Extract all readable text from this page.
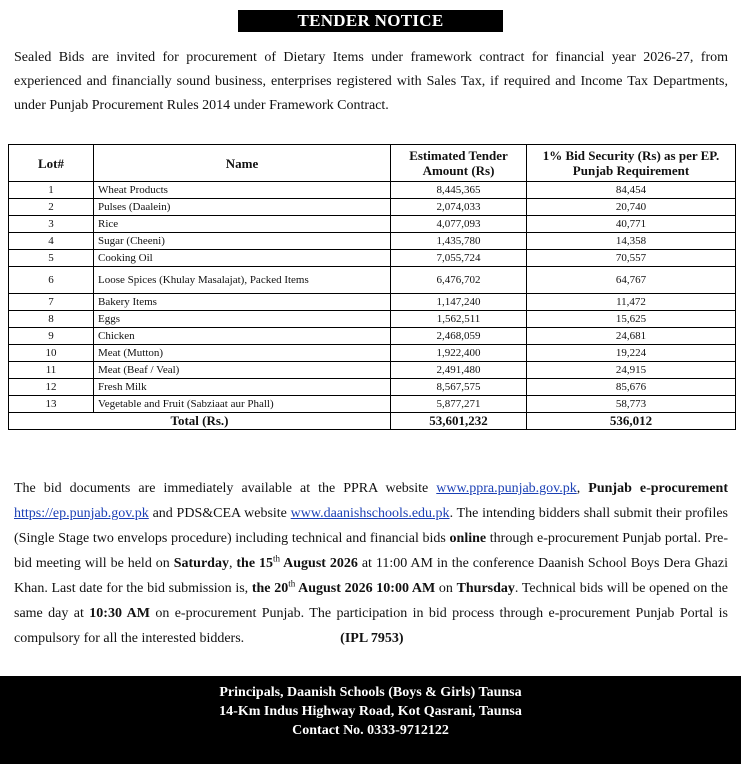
TENDER NOTICE

Sealed Bids are invited for procurement of Dietary Items under framework contract for financial year 2026-27, from experienced and financially sound business, enterprises registered with Sales Tax, if required and Income Tax Departments, under Punjab Procurement Rules 2014 under Framework Contract.

Lot#	Name	Estimated Tender Amount (Rs)	1% Bid Security (Rs) as per EP. Punjab Requirement
1	Wheat Products	8,445,365	84,454
2	Pulses (Daalein)	2,074,033	20,740
3	Rice	4,077,093	40,771
4	Sugar (Cheeni)	1,435,780	14,358
5	Cooking Oil	7,055,724	70,557
6	Loose Spices (Khulay Masalajat), Packed Items	6,476,702	64,767
7	Bakery Items	1,147,240	11,472
8	Eggs	1,562,511	15,625
9	Chicken	2,468,059	24,681
10	Meat (Mutton)	1,922,400	19,224
11	Meat (Beaf / Veal)	2,491,480	24,915
12	Fresh Milk	8,567,575	85,676
13	Vegetable and Fruit (Sabziaat aur Phall)	5,877,271	58,773
Total (Rs.)		53,601,232	536,012

The bid documents are immediately available at the PPRA website www.ppra.punjab.gov.pk, Punjab e-procurement https://ep.punjab.gov.pk and PDS&CEA website www.daanishschools.edu.pk. The intending bidders shall submit their profiles (Single Stage two envelops procedure) including technical and financial bids online through e-procurement Punjab portal. Pre-bid meeting will be held on Saturday, the 15th August 2026 at 11:00 AM in the conference Daanish School Boys Dera Ghazi Khan. Last date for the bid submission is, the 20th August 2026 10:00 AM on Thursday. Technical bids will be opened on the same day at 10:30 AM on e-procurement Punjab. The participation in bid process through e-procurement Punjab Portal is compulsory for all the interested bidders.	(IPL 7953)

Principals, Daanish Schools (Boys & Girls) Taunsa
14-Km Indus Highway Road, Kot Qasrani, Taunsa
Contact No. 0333-9712122
